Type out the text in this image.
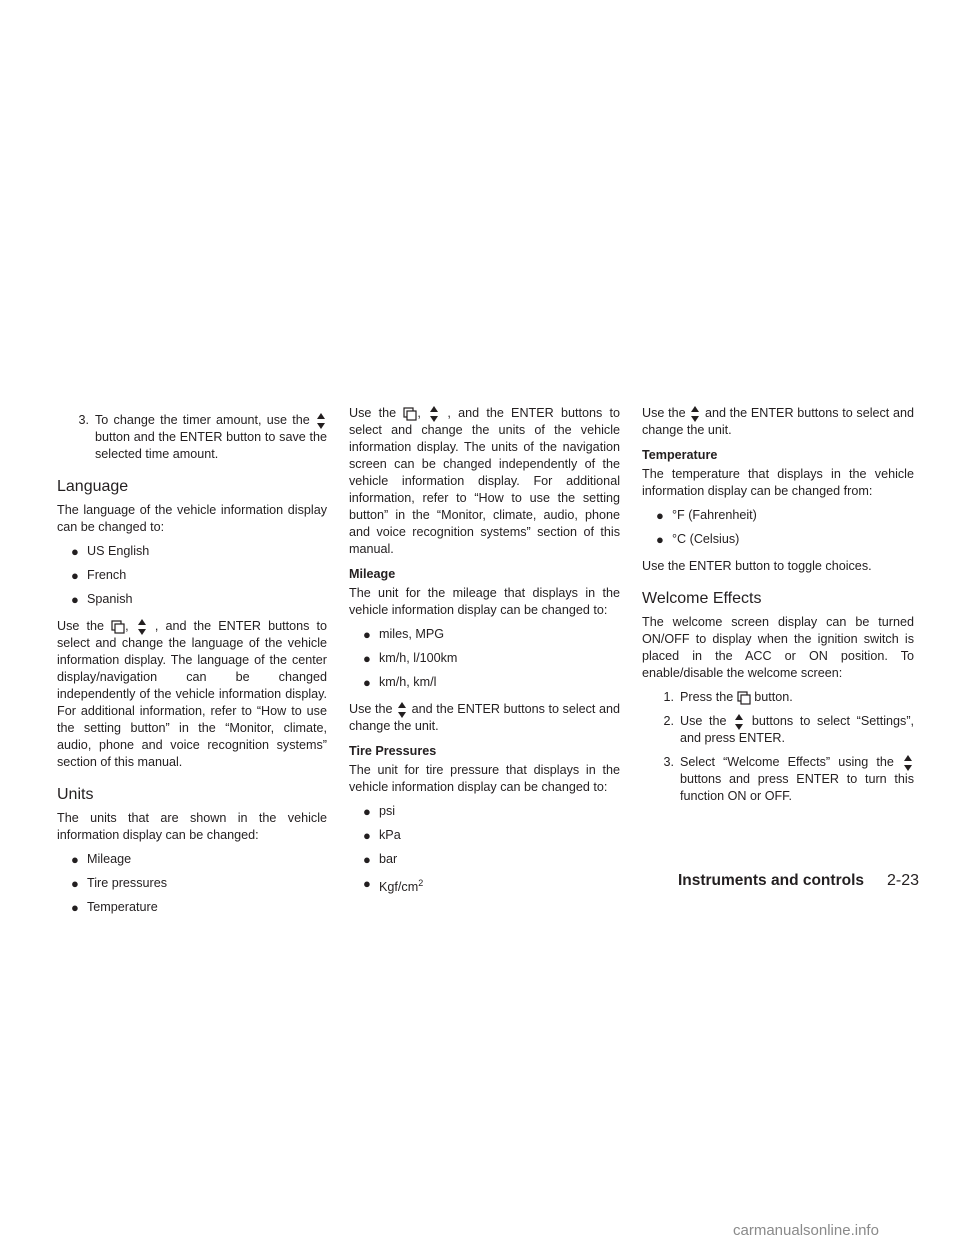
3. To change the timer amount, use the
button and the ENTER button to save the selected time amount.
Language

The language of the vehicle information display can be changed to:

● US English
● French
● Spanish

Use the , , and the ENTER buttons to select and change the language of the vehicle information display. The language of the center display/navigation can be changed independently of the vehicle information display. For additional information, refer to “How to use the setting button” in the “Monitor, climate, audio, phone and voice recognition systems” section of this manual.

Units

The units that are shown in the vehicle information display can be changed:

● Mileage
● Tire pressures
● Temperature

Use the , , and the ENTER buttons to select and change the units of the vehicle information display. The units of the navigation screen can be changed independently of the vehicle information display. For additional information, refer to “How to use the setting button” in the “Monitor, climate, audio, phone and voice recognition systems” section of this manual.

Mileage

The unit for the mileage that displays in the vehicle information display can be changed to:

● miles, MPG
● km/h, l/100km
● km/h, km/l

Use the and the ENTER buttons to select and change the unit.

Tire Pressures

The unit for tire pressure that displays in the vehicle information display can be changed to:

● psi
● kPa
● bar
● Kgf/$cm^2$

Use the and the ENTER buttons to select and change the unit.

Temperature

The temperature that displays in the vehicle information display can be changed from:

● °F (Fahrenheit)
● °C (Celsius)

Use the ENTER button to toggle choices.

Welcome Effects

The welcome screen display can be turned ON/OFF to display when the ignition switch is placed in the ACC or ON position. To enable/disable the welcome screen:

1. Press the button.
2. Use the buttons to select “Settings”, and press ENTER.
3. Select “Welcome Effects” using the
buttons and press ENTER to turn this function ON or OFF.
Instruments and controls 2-23
carmanualsonline.info
